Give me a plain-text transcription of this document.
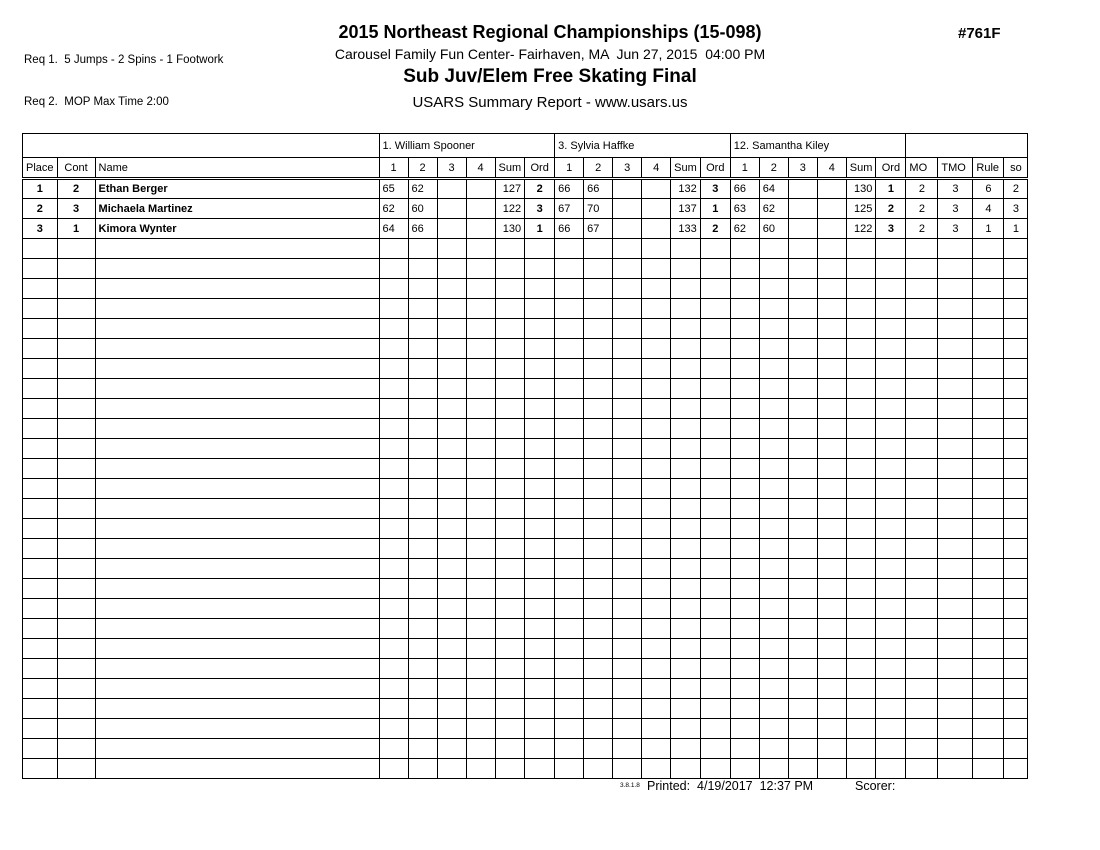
Req 1.  5 Jumps - 2 Spins - 1 Footwork

Req 2.  MOP Max Time 2:00

2015 Northeast Regional Championships (15-098)
Carousel Family Fun Center- Fairhaven, MA  Jun 27, 2015  04:00 PM
Sub Juv/Elem Free Skating Final
USARS Summary Report - www.usars.us
#761F
			1. William Spooner						3. Sylvia Haffke						12. Samantha Kiley									
Place	Cont	Name	1	2	3	4	Sum	Ord	1	2	3	4	Sum	Ord	1	2	3	4	Sum	Ord	MO	TMO	Rule	so
1	2	Ethan Berger	65	62			127	2	66	66			132	3	66	64			130	1	2	3	6	2
2	3	Michaela Martinez	62	60			122	3	67	70			137	1	63	62			125	2	2	3	4	3
3	1	Kimora Wynter	64	66			130	1	66	67			133	2	62	60			122	3	2	3	1	1

3.8.1.8 Printed:  4/19/2017  12:37 PM	Scorer:
